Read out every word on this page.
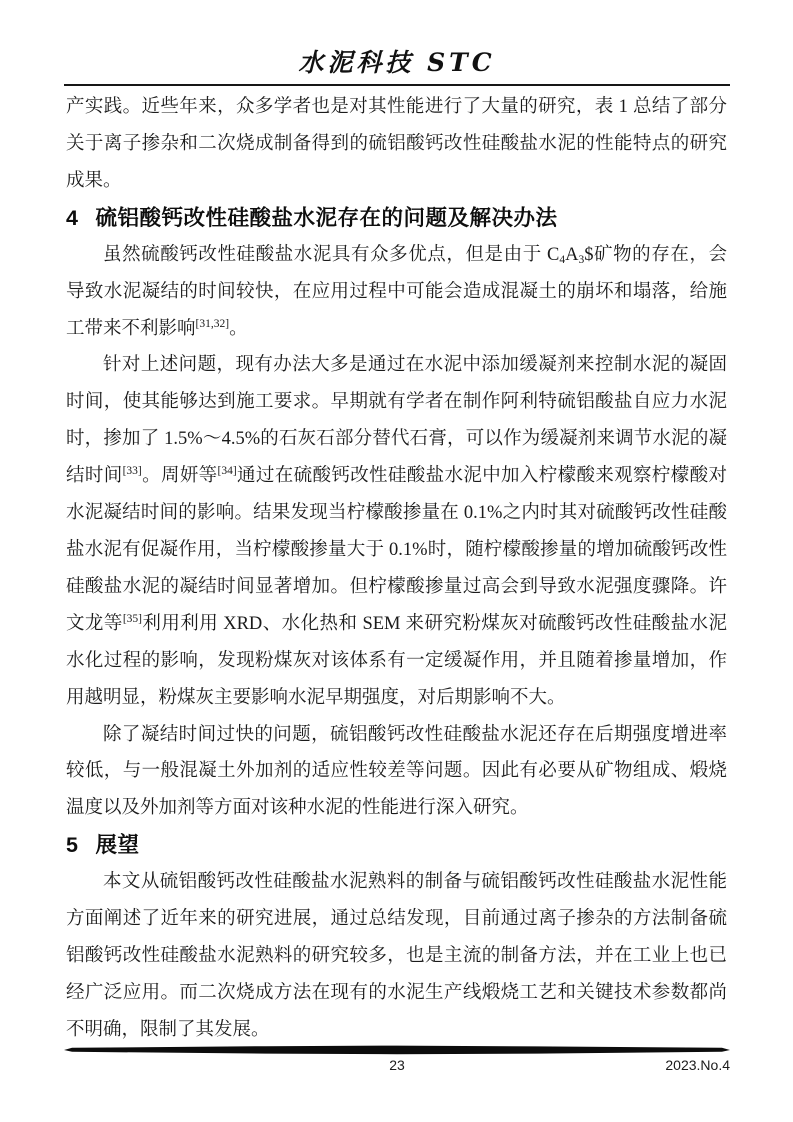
水泥科技 STC

产实践。近些年来，众多学者也是对其性能进行了大量的研究，表 1 总结了部分关于离子掺杂和二次烧成制备得到的硫铝酸钙改性硅酸盐水泥的性能特点的研究成果。

4 硫铝酸钙改性硅酸盐水泥存在的问题及解决办法

虽然硫酸钙改性硅酸盐水泥具有众多优点，但是由于 $C_4A_3\$$矿物的存在，会导致水泥凝结的时间较快，在应用过程中可能会造成混凝土的崩坏和塌落，给施工带来不利影响[31,32]。

针对上述问题，现有办法大多是通过在水泥中添加缓凝剂来控制水泥的凝固时间，使其能够达到施工要求。早期就有学者在制作阿利特硫铝酸盐自应力水泥时，掺加了 1.5%～4.5%的石灰石部分替代石膏，可以作为缓凝剂来调节水泥的凝结时间[33]。周妍等[34]通过在硫酸钙改性硅酸盐水泥中加入柠檬酸来观察柠檬酸对水泥凝结时间的影响。结果发现当柠檬酸掺量在 0.1%之内时其对硫酸钙改性硅酸盐水泥有促凝作用，当柠檬酸掺量大于 0.1%时，随柠檬酸掺量的增加硫酸钙改性硅酸盐水泥的凝结时间显著增加。但柠檬酸掺量过高会到导致水泥强度骤降。许文龙等[35]利用利用 XRD、水化热和 SEM 来研究粉煤灰对硫酸钙改性硅酸盐水泥水化过程的影响，发现粉煤灰对该体系有一定缓凝作用，并且随着掺量增加，作用越明显，粉煤灰主要影响水泥早期强度，对后期影响不大。

除了凝结时间过快的问题，硫铝酸钙改性硅酸盐水泥还存在后期强度增进率较低，与一般混凝土外加剂的适应性较差等问题。因此有必要从矿物组成、煅烧温度以及外加剂等方面对该种水泥的性能进行深入研究。

5 展望

本文从硫铝酸钙改性硅酸盐水泥熟料的制备与硫铝酸钙改性硅酸盐水泥性能方面阐述了近年来的研究进展，通过总结发现，目前通过离子掺杂的方法制备硫铝酸钙改性硅酸盐水泥熟料的研究较多，也是主流的制备方法，并在工业上也已经广泛应用。而二次烧成方法在现有的水泥生产线煅烧工艺和关键技术参数都尚不明确，限制了其发展。

23	2023.No.4
